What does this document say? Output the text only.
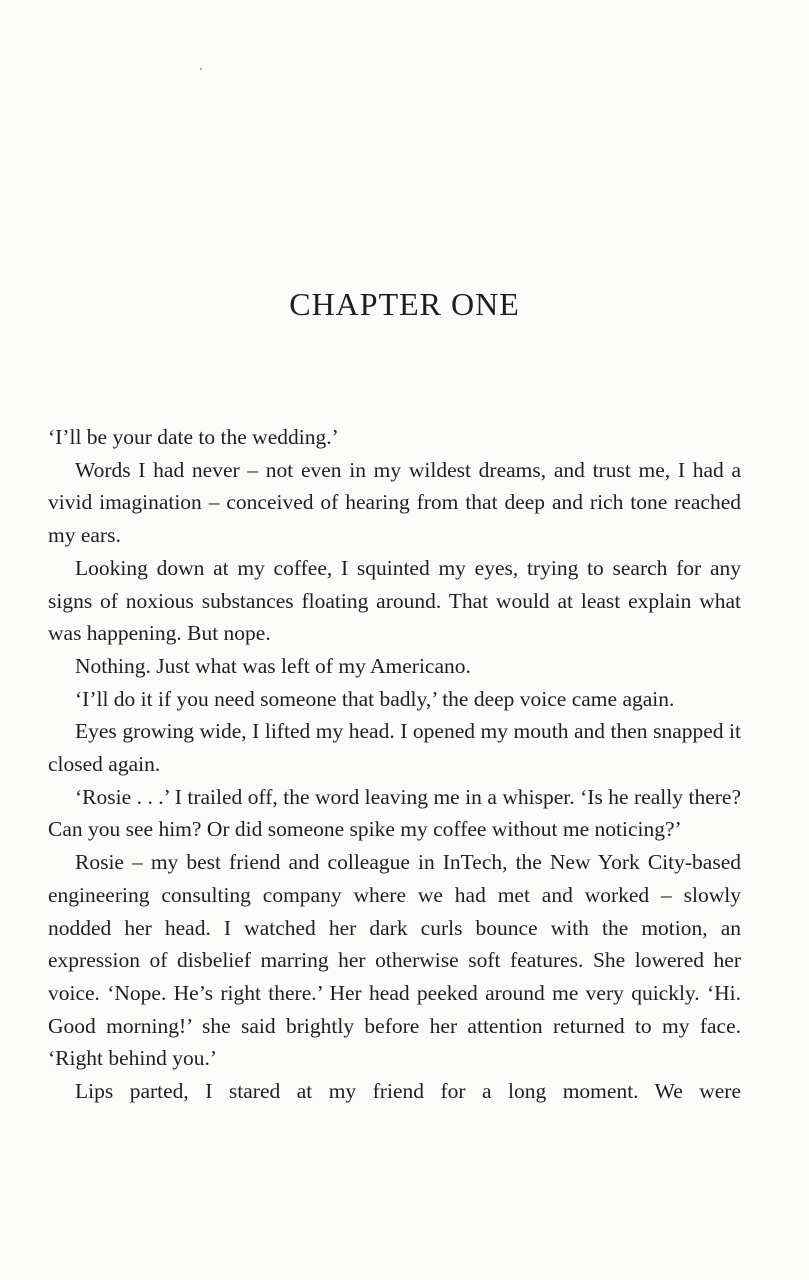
CHAPTER ONE

‘I’ll be your date to the wedding.’

Words I had never – not even in my wildest dreams, and trust me, I had a vivid imagination – conceived of hearing from that deep and rich tone reached my ears.

Looking down at my coffee, I squinted my eyes, trying to search for any signs of noxious substances floating around. That would at least explain what was happening. But nope.

Nothing. Just what was left of my Americano.

‘I’ll do it if you need someone that badly,’ the deep voice came again.

Eyes growing wide, I lifted my head. I opened my mouth and then snapped it closed again.

‘Rosie . . .’ I trailed off, the word leaving me in a whisper. ‘Is he really there? Can you see him? Or did someone spike my coffee without me noticing?’

Rosie – my best friend and colleague in InTech, the New York City-based engineering consulting company where we had met and worked – slowly nodded her head. I watched her dark curls bounce with the motion, an expression of disbelief marring her otherwise soft features. She lowered her voice. ‘Nope. He’s right there.’ Her head peeked around me very quickly. ‘Hi. Good morning!’ she said brightly before her attention returned to my face. ‘Right behind you.’

Lips parted, I stared at my friend for a long moment. We were
